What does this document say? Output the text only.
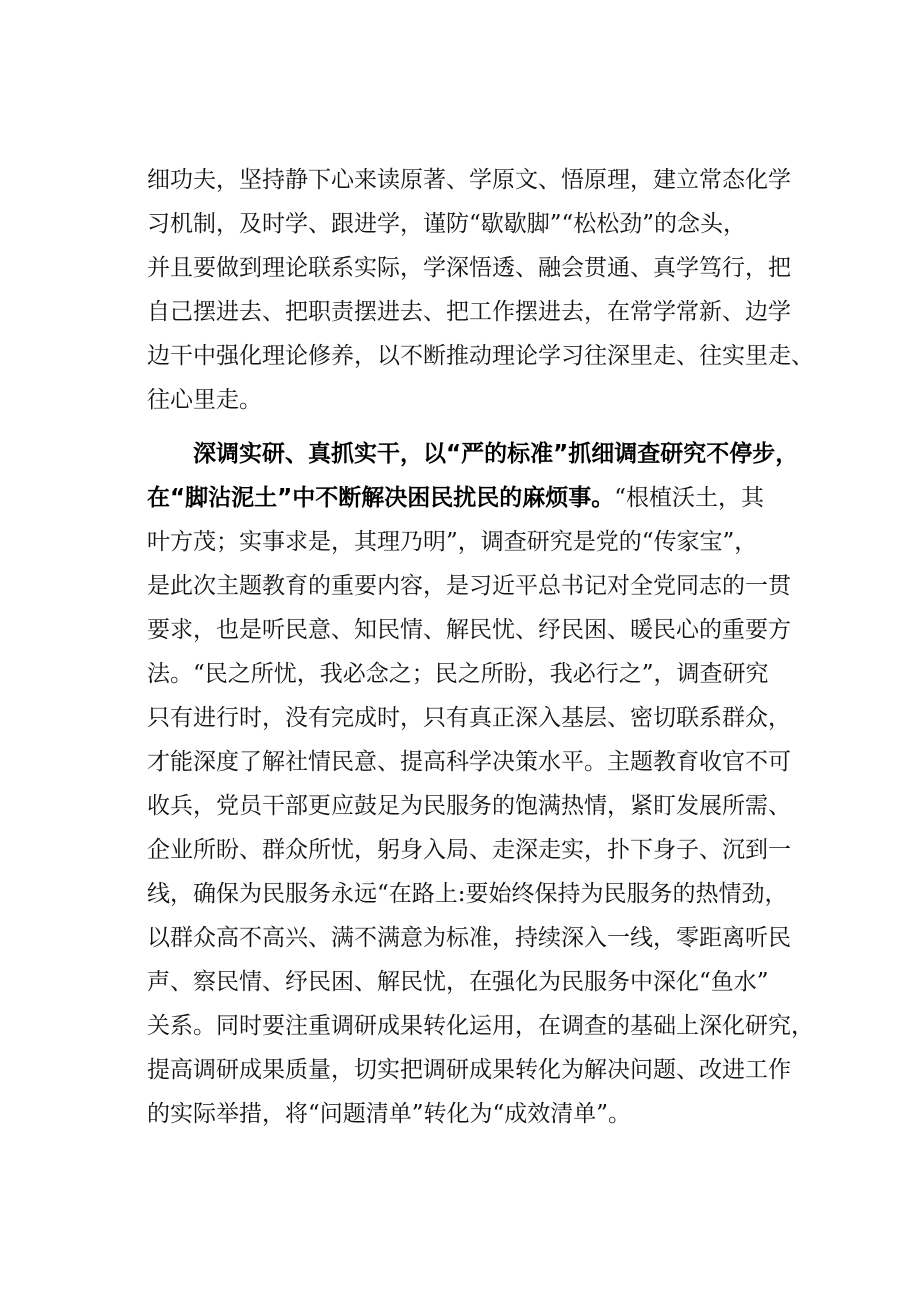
细功夫，坚持静下心来读原著、学原文、悟原理，建立常态化学
习机制，及时学、跟进学，谨防“歇歇脚”“松松劲”的念头，
并且要做到理论联系实际，学深悟透、融会贯通、真学笃行，把
自己摆进去、把职责摆进去、把工作摆进去，在常学常新、边学
边干中强化理论修养，以不断推动理论学习往深里走、往实里走、
往心里走。
深调实研、真抓实干，以“严的标准”抓细调查研究不停步，
在“脚沾泥土”中不断解决困民扰民的麻烦事。“根植沃土，其
叶方茂；实事求是，其理乃明”，调查研究是党的“传家宝”，
是此次主题教育的重要内容，是习近平总书记对全党同志的一贯
要求，也是听民意、知民情、解民忧、纾民困、暖民心的重要方
法。“民之所忧，我必念之；民之所盼，我必行之”，调查研究
只有进行时，没有完成时，只有真正深入基层、密切联系群众，
才能深度了解社情民意、提高科学决策水平。主题教育收官不可
收兵，党员干部更应鼓足为民服务的饱满热情，紧盯发展所需、
企业所盼、群众所忧，躬身入局、走深走实，扑下身子、沉到一
线，确保为民服务永远“在路上:要始终保持为民服务的热情劲，
以群众高不高兴、满不满意为标准，持续深入一线，零距离听民
声、察民情、纾民困、解民忧，在强化为民服务中深化“鱼水”
关系。同时要注重调研成果转化运用，在调查的基础上深化研究，
提高调研成果质量，切实把调研成果转化为解决问题、改进工作
的实际举措，将“问题清单”转化为“成效清单”。
